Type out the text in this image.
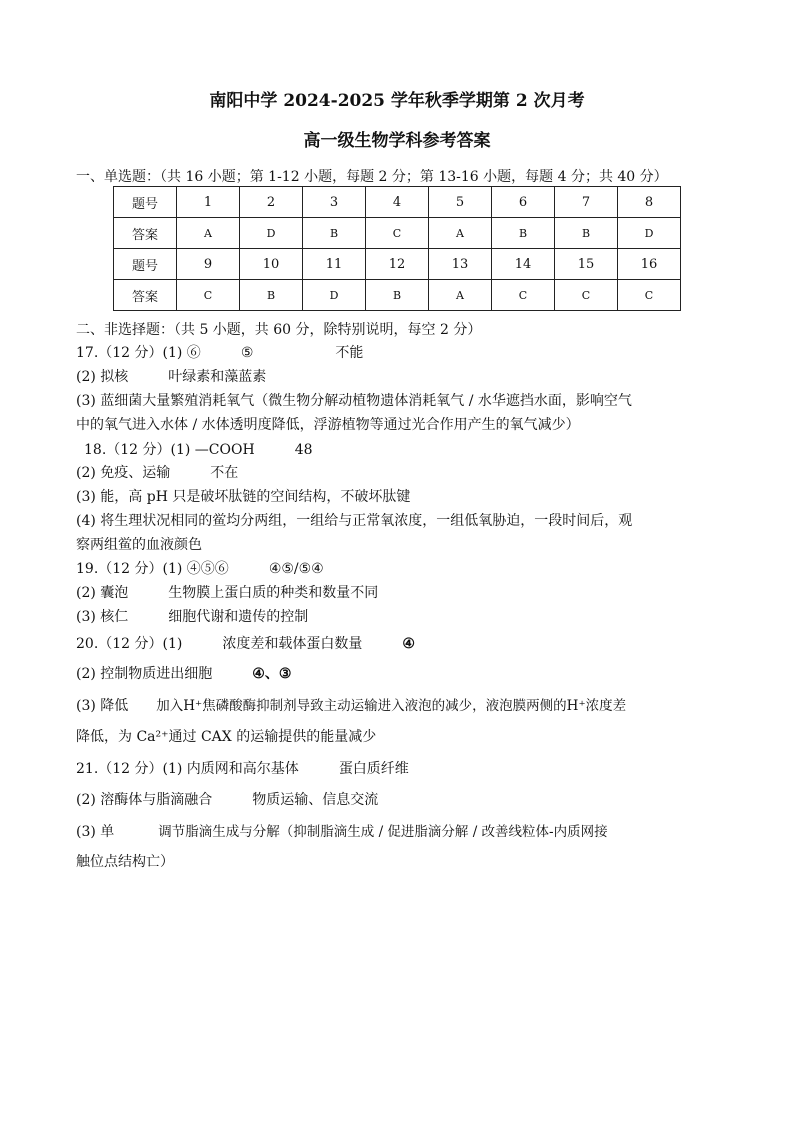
南阳中学 2024-2025 学年秋季学期第 2 次月考
高一级生物学科参考答案
一、单选题：（共 16 小题；第 1-12 小题，每题 2 分；第 13-16 小题，每题 4 分；共 40 分）
题号	1	2	3	4	5	6	7	8
答案	A	D	B	C	A	B	B	D
题号	9	10	11	12	13	14	15	16
答案	C	B	D	B	A	C	C	C
二、非选择题：（共 5 小题，共 60 分，除特别说明，每空 2 分）
17.（12 分）(1) ⑥	⑤	不能
(2) 拟核	叶绿素和藻蓝素
(3) 蓝细菌大量繁殖消耗氧气（微生物分解动植物遗体消耗氧气 / 水华遮挡水面，影响空气
中的氧气进入水体 / 水体透明度降低，浮游植物等通过光合作用产生的氧气减少）
18.（12 分）(1) —COOH	48
(2) 免疫、运输	不在
(3) 能，高 pH 只是破坏肽链的空间结构，不破坏肽键
(4) 将生理状况相同的鲎均分两组，一组给与正常氧浓度，一组低氧胁迫，一段时间后，观
察两组鲎的血液颜色
19.（12 分）(1) ④⑤⑥	④⑤/⑤④
(2) 囊泡	生物膜上蛋白质的种类和数量不同
(3) 核仁	细胞代谢和遗传的控制
20.（12 分）(1)	浓度差和载体蛋白数量	④
(2) 控制物质进出细胞	④、③
(3) 降低 加入H⁺焦磷酸酶抑制剂导致主动运输进入液泡的减少，液泡膜两侧的H⁺浓度差
降低，为 Ca²⁺通过 CAX 的运输提供的能量减少
21.（12 分）(1) 内质网和高尔基体	蛋白质纤维
(2) 溶酶体与脂滴融合	物质运输、信息交流
(3) 单	调节脂滴生成与分解（抑制脂滴生成 / 促进脂滴分解 / 改善线粒体-内质网接
触位点结构亡）
